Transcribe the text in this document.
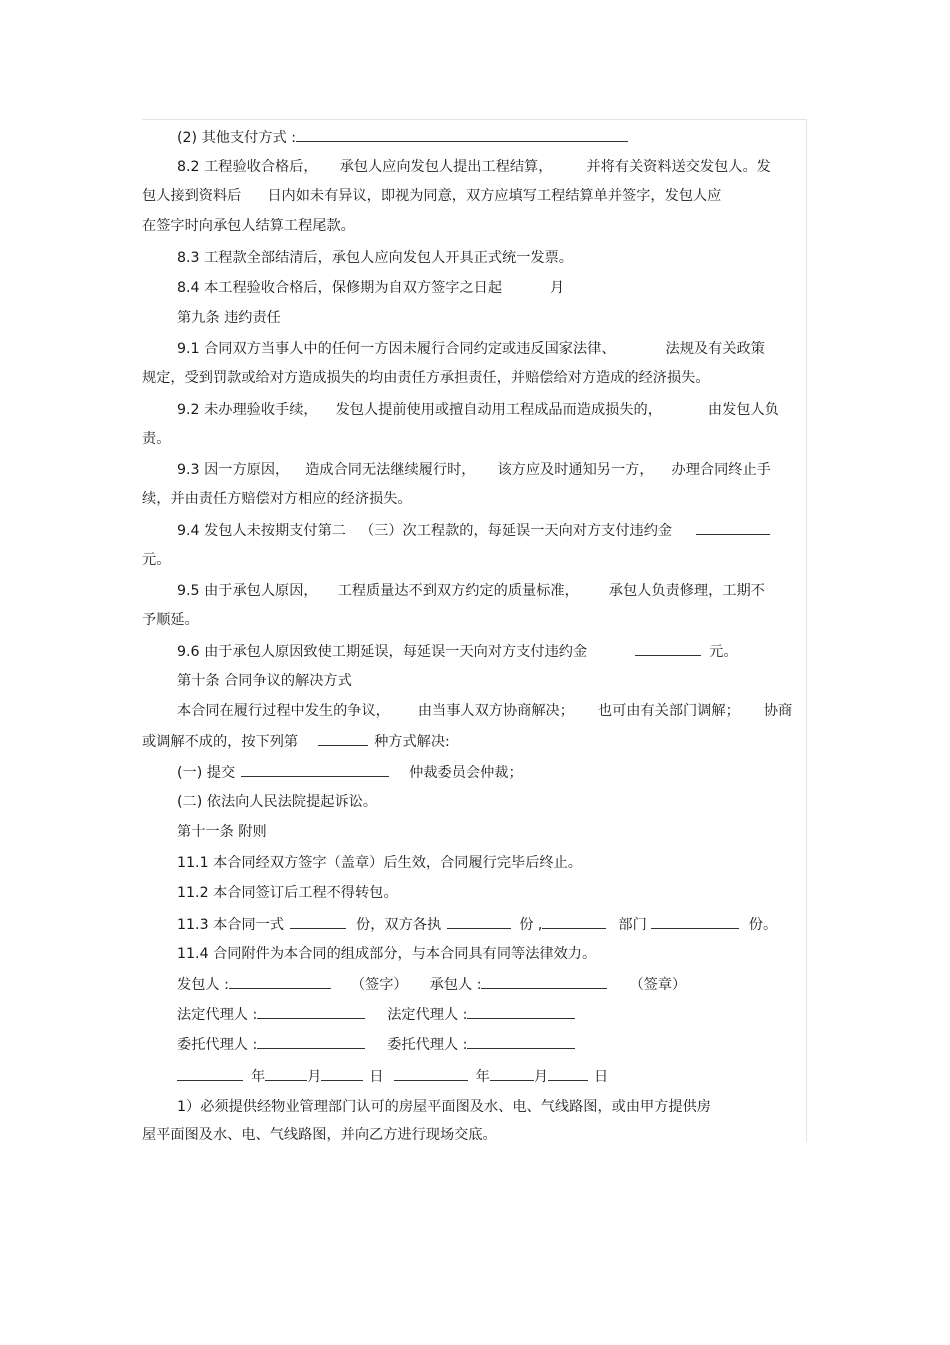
(2) 其他支付方式 :
8.2 工程验收合格后， 承包人应向发包人提出工程结算， 并将有关资料送交发包人。发
包人接到资料后 日内如未有异议，即视为同意，双方应填写工程结算单并签字，发包人应
在签字时向承包人结算工程尾款。
8.3 工程款全部结清后，承包人应向发包人开具正式统一发票。
8.4 本工程验收合格后，保修期为自双方签字之日起	月
第九条 违约责任
9.1 合同双方当事人中的任何一方因未履行合同约定或违反国家法律、	法规及有关政策
规定，受到罚款或给对方造成损失的均由责任方承担责任，并赔偿给对方造成的经济损失。
9.2 未办理验收手续， 发包人提前使用或擅自动用工程成品而造成损失的，	由发包人负
责。
9.3 因一方原因， 造成合同无法继续履行时， 该方应及时通知另一方， 办理合同终止手
续，并由责任方赔偿对方相应的经济损失。
9.4 发包人未按期支付第二 （三）次工程款的，每延误一天向对方支付违约金
元。
9.5 由于承包人原因， 工程质量达不到双方约定的质量标准， 承包人负责修理，工期不
予顺延。
9.6 由于承包人原因致使工期延误，每延误一天向对方支付违约金	元。
第十条 合同争议的解决方式
本合同在履行过程中发生的争议， 由当事人双方协商解决； 也可由有关部门调解； 协商
或调解不成的，按下列第	种方式解决:
(一) 提交	仲裁委员会仲裁；
(二) 依法向人民法院提起诉讼。
第十一条 附则
11.1 本合同经双方签字（盖章）后生效，合同履行完毕后终止。
11.2 本合同签订后工程不得转包。
11.3 本合同一式	份，双方各执	份 ,	部门	份。
11.4 合同附件为本合同的组成部分，与本合同具有同等法律效力。
发包人 :	（签字） 承包人 :	（签章）
法定代理人 :	法定代理人 :
委托代理人 :	委托代理人 :
年	月	日	年	月	日
1）必须提供经物业管理部门认可的房屋平面图及水、电、气线路图，或由甲方提供房
屋平面图及水、电、气线路图，并向乙方进行现场交底。
